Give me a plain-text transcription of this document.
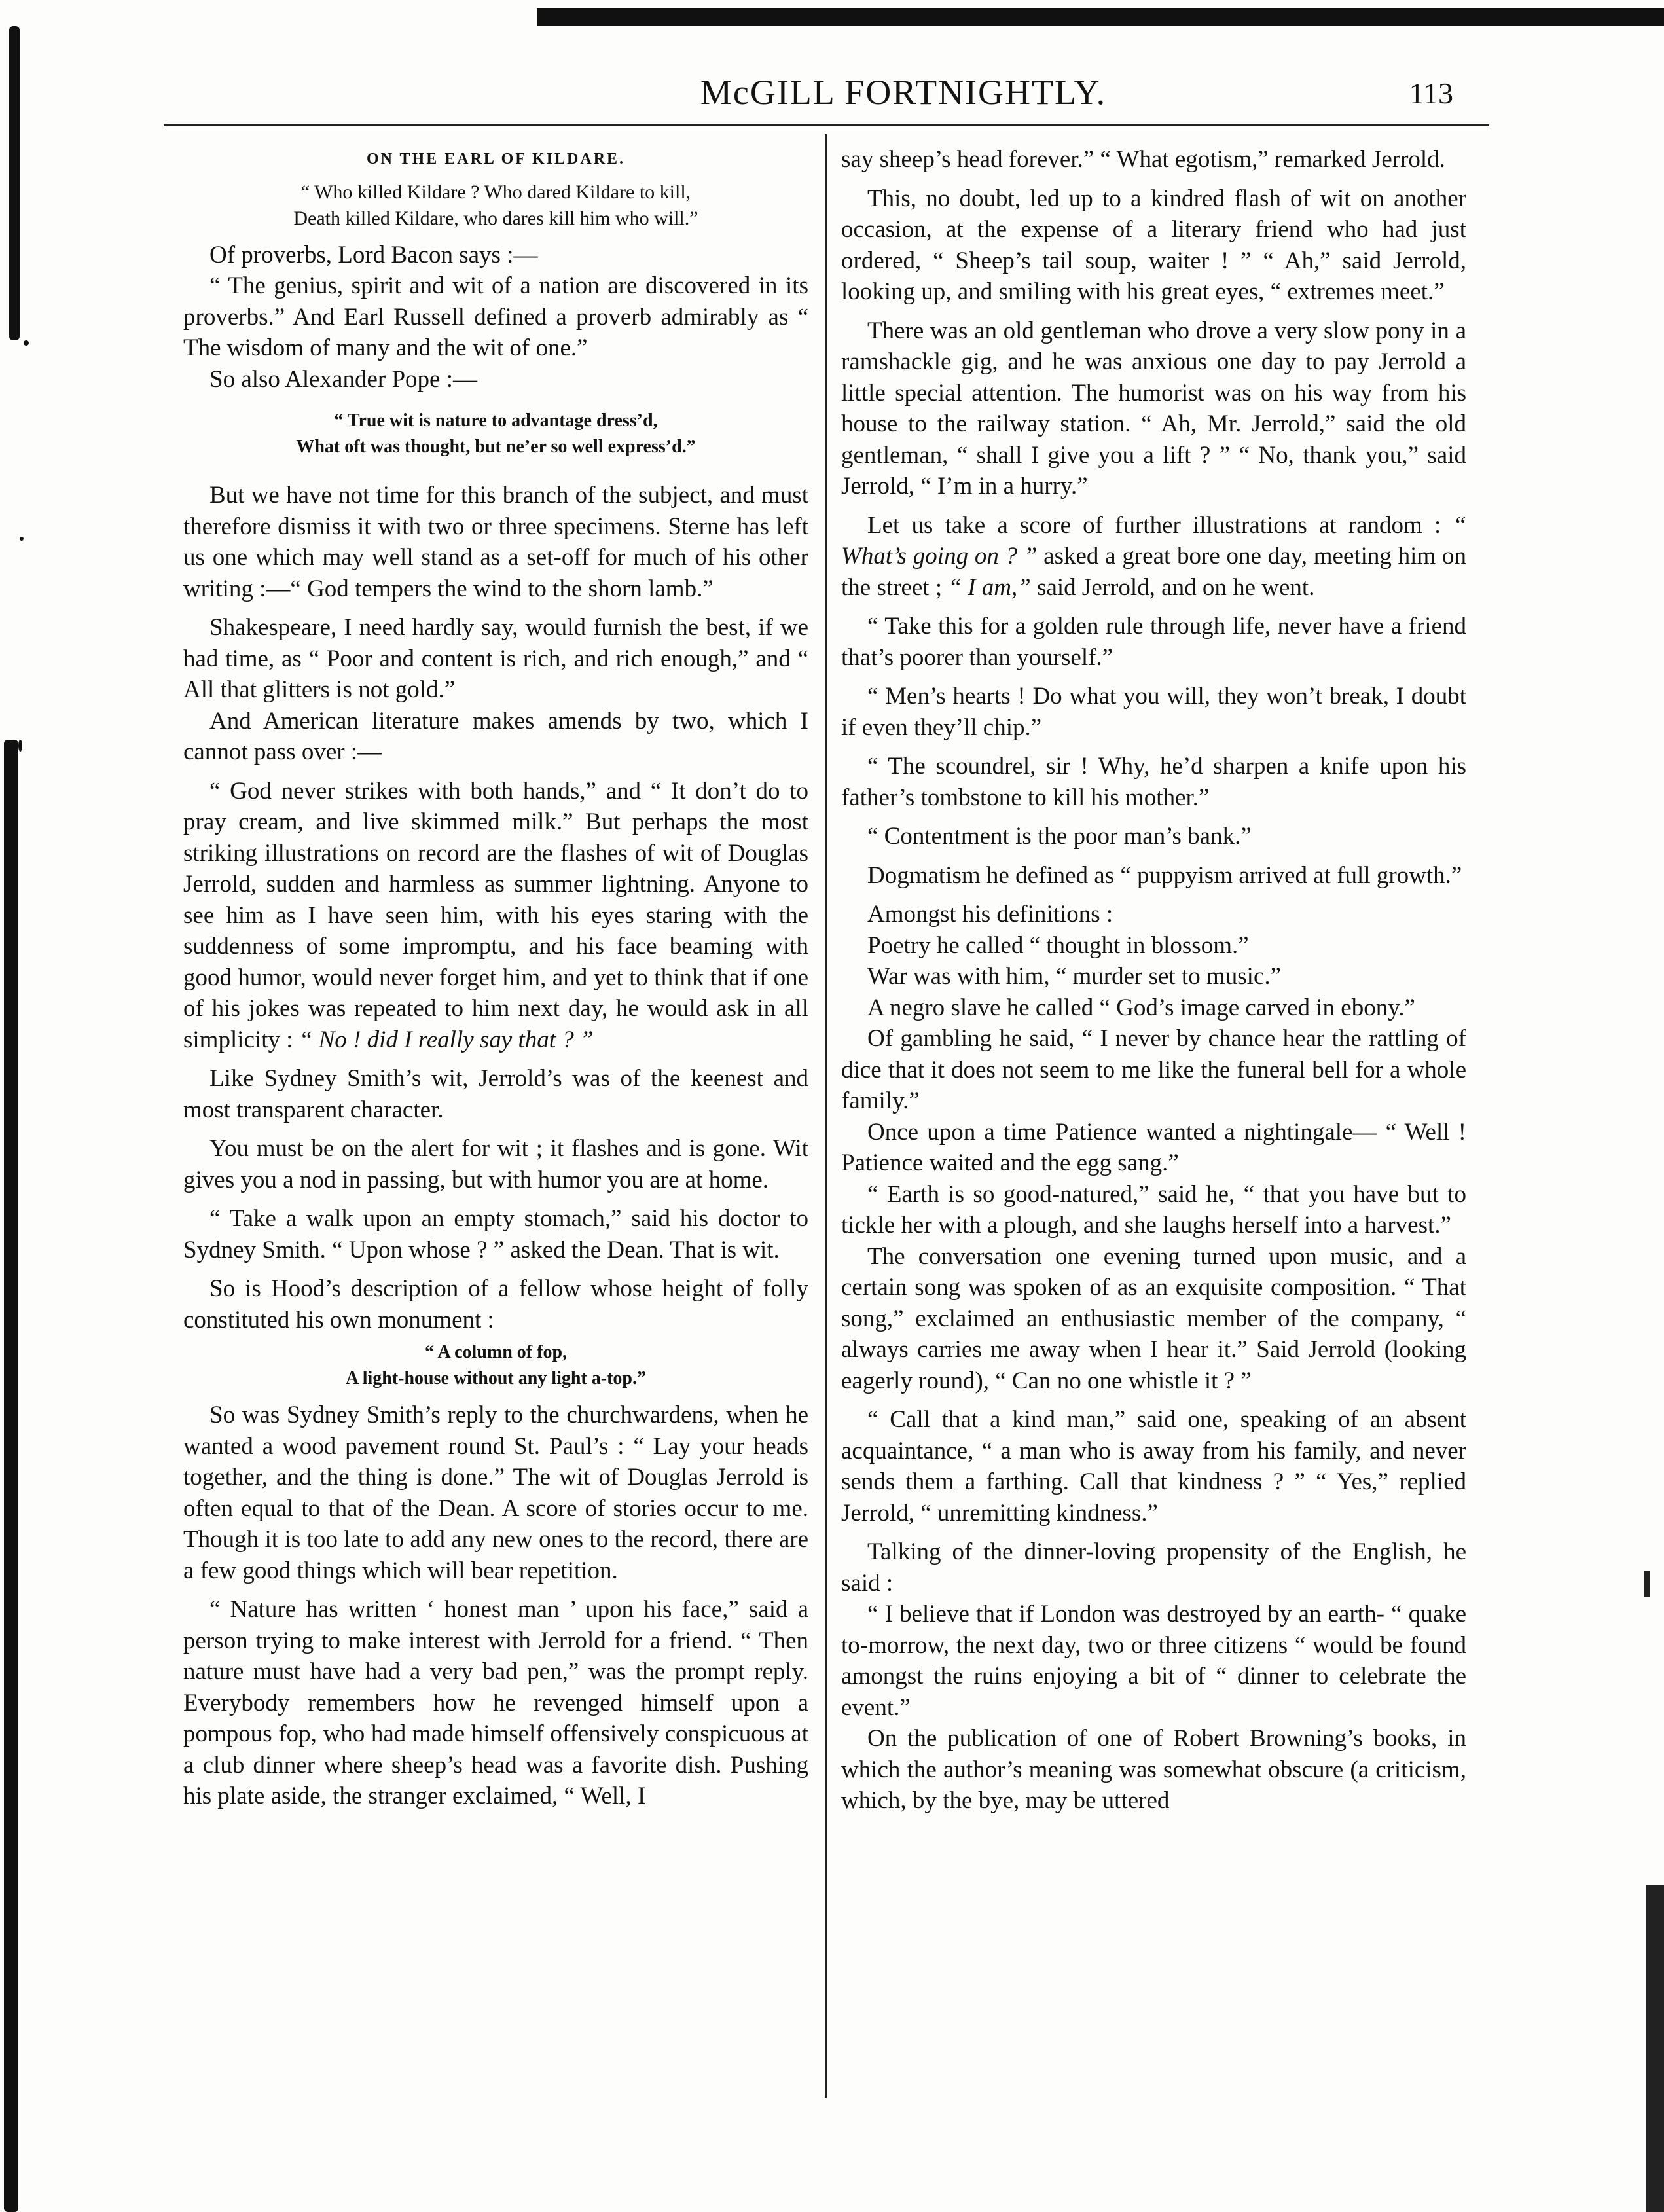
McGILL FORTNIGHTLY.	113
ON THE EARL OF KILDARE.
“ Who killed Kildare ? Who dared Kildare to kill,
Death killed Kildare, who dares kill him who will.”

Of proverbs, Lord Bacon says :—

“ The genius, spirit and wit of a nation are discovered in its proverbs.” And Earl Russell defined a proverb admirably as “ The wisdom of many and the wit of one.”

So also Alexander Pope :—

“ True wit is nature to advantage dress’d,
What oft was thought, but ne’er so well express’d.”

But we have not time for this branch of the subject, and must therefore dismiss it with two or three specimens. Sterne has left us one which may well stand as a set-off for much of his other writing :—“ God tempers the wind to the shorn lamb.”

Shakespeare, I need hardly say, would furnish the best, if we had time, as “ Poor and content is rich, and rich enough,” and “ All that glitters is not gold.”

And American literature makes amends by two, which I cannot pass over :—

“ God never strikes with both hands,” and “ It don’t do to pray cream, and live skimmed milk.” But perhaps the most striking illustrations on record are the flashes of wit of Douglas Jerrold, sudden and harmless as summer lightning. Anyone to see him as I have seen him, with his eyes staring with the suddenness of some impromptu, and his face beaming with good humor, would never forget him, and yet to think that if one of his jokes was repeated to him next day, he would ask in all simplicity : “ No ! did I really say that ? ”

Like Sydney Smith’s wit, Jerrold’s was of the keenest and most transparent character.

You must be on the alert for wit ; it flashes and is gone. Wit gives you a nod in passing, but with humor you are at home.

“ Take a walk upon an empty stomach,” said his doctor to Sydney Smith. “ Upon whose ? ” asked the Dean. That is wit.

So is Hood’s description of a fellow whose height of folly constituted his own monument :

“ A column of fop,
A light-house without any light a-top.”

So was Sydney Smith’s reply to the churchwardens, when he wanted a wood pavement round St. Paul’s : “ Lay your heads together, and the thing is done.” The wit of Douglas Jerrold is often equal to that of the Dean. A score of stories occur to me. Though it is too late to add any new ones to the record, there are a few good things which will bear repetition.

“ Nature has written ‘ honest man ’ upon his face,” said a person trying to make interest with Jerrold for a friend. “ Then nature must have had a very bad pen,” was the prompt reply. Everybody remembers how he revenged himself upon a pompous fop, who had made himself offensively conspicuous at a club dinner where sheep’s head was a favorite dish. Pushing his plate aside, the stranger exclaimed, “ Well, I

say sheep’s head forever.” “ What egotism,” remarked Jerrold.

This, no doubt, led up to a kindred flash of wit on another occasion, at the expense of a literary friend who had just ordered, “ Sheep’s tail soup, waiter ! ” “ Ah,” said Jerrold, looking up, and smiling with his great eyes, “ extremes meet.”

There was an old gentleman who drove a very slow pony in a ramshackle gig, and he was anxious one day to pay Jerrold a little special attention. The humorist was on his way from his house to the railway station. “ Ah, Mr. Jerrold,” said the old gentleman, “ shall I give you a lift ? ” “ No, thank you,” said Jerrold, “ I’m in a hurry.”

Let us take a score of further illustrations at random : “ What’s going on ? ” asked a great bore one day, meeting him on the street ; “ I am,” said Jerrold, and on he went.

“ Take this for a golden rule through life, never have a friend that’s poorer than yourself.”

“ Men’s hearts ! Do what you will, they won’t break, I doubt if even they’ll chip.”

“ The scoundrel, sir ! Why, he’d sharpen a knife upon his father’s tombstone to kill his mother.”

“ Contentment is the poor man’s bank.”

Dogmatism he defined as “ puppyism arrived at full growth.”

Amongst his definitions :

Poetry he called “ thought in blossom.”

War was with him, “ murder set to music.”

A negro slave he called “ God’s image carved in ebony.”

Of gambling he said, “ I never by chance hear the rattling of dice that it does not seem to me like the funeral bell for a whole family.”

Once upon a time Patience wanted a nightingale— “ Well ! Patience waited and the egg sang.”

“ Earth is so good-natured,” said he, “ that you have but to tickle her with a plough, and she laughs herself into a harvest.”

The conversation one evening turned upon music, and a certain song was spoken of as an exquisite composition. “ That song,” exclaimed an enthusiastic member of the company, “ always carries me away when I hear it.” Said Jerrold (looking eagerly round), “ Can no one whistle it ? ”

“ Call that a kind man,” said one, speaking of an absent acquaintance, “ a man who is away from his family, and never sends them a farthing. Call that kindness ? ” “ Yes,” replied Jerrold, “ unremitting kindness.”

Talking of the dinner-loving propensity of the English, he said :

“ I believe that if London was destroyed by an earth- “ quake to-morrow, the next day, two or three citizens “ would be found amongst the ruins enjoying a bit of “ dinner to celebrate the event.”

On the publication of one of Robert Browning’s books, in which the author’s meaning was somewhat obscure (a criticism, which, by the bye, may be uttered
